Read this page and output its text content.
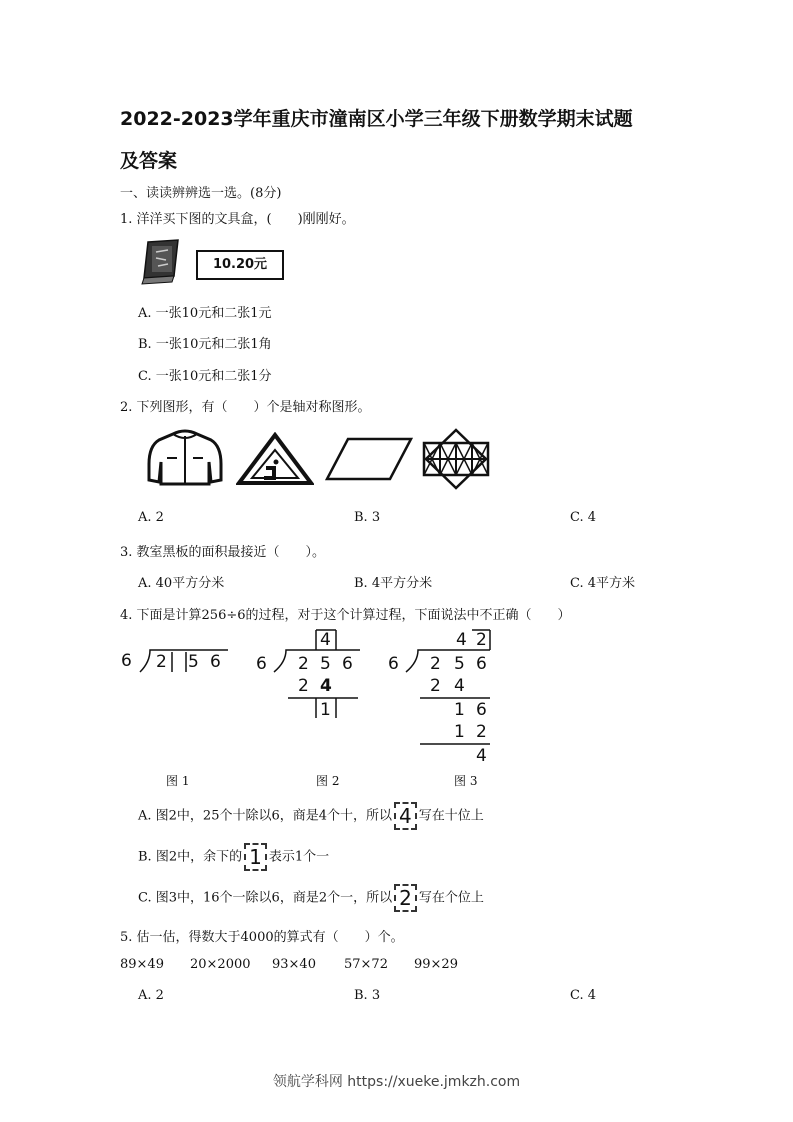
2022-2023学年重庆市潼南区小学三年级下册数学期末试题
及答案
一、读读辨辨选一选。(8分)
1. 洋洋买下图的文具盒，(　　)刚刚好。
10.20元
A. 一张10元和二张1元
B. 一张10元和二张1角
C. 一张10元和二张1分
2. 下列图形，有（　　）个是轴对称图形。
A. 2	B. 3	C. 4
3. 教室黑板的面积最接近（　　）。
A. 40平方分米	B. 4平方分米	C. 4平方米
4. 下面是计算256÷6的过程，对于这个计算过程，下面说法中不正确（　　）
6 2 5 6
图 1
4
6 2 5 6
2 4
1
图 2
4 2
6 2 5 6
2 4
1 6
1 2
4
图 3
A. 图2中，25个十除以6，商是4个十，所以 4 写在十位上
B. 图2中，余下的 1 表示1个一
C. 图3中，16个一除以6，商是2个一，所以 2 写在个位上
5. 估一估，得数大于4000的算式有（　　）个。
89×49 20×2000 93×40 57×72 99×29
A. 2	B. 3	C. 4
领航学科网 https://xueke.jmkzh.com
